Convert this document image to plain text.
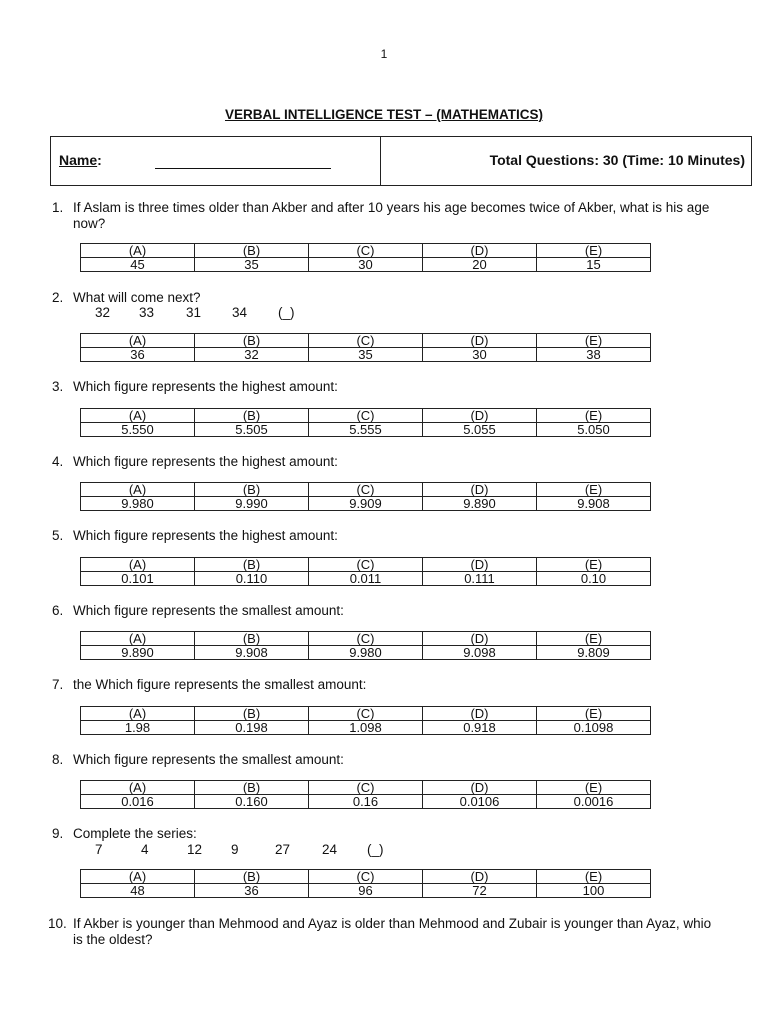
1
VERBAL INTELLIGENCE TEST – (MATHEMATICS)
Name:	Total Questions: 30 (Time: 10 Minutes)
1. If Aslam is three times older than Akber and after 10 years his age becomes twice of Akber, what is his age now?
(A)	(B)	(C)	(D)	(E)
45	35	30	20	15
2. What will come next?
32 33 31 34 (_)
(A)	(B)	(C)	(D)	(E)
36	32	35	30	38
3. Which figure represents the highest amount:
(A)	(B)	(C)	(D)	(E)
5.550	5.505	5.555	5.055	5.050
4. Which figure represents the highest amount:
(A)	(B)	(C)	(D)	(E)
9.980	9.990	9.909	9.890	9.908
5. Which figure represents the highest amount:
(A)	(B)	(C)	(D)	(E)
0.101	0.110	0.011	0.111	0.10
6. Which figure represents the smallest amount:
(A)	(B)	(C)	(D)	(E)
9.890	9.908	9.980	9.098	9.809
7. the Which figure represents the smallest amount:
(A)	(B)	(C)	(D)	(E)
1.98	0.198	1.098	0.918	0.1098
8. Which figure represents the smallest amount:
(A)	(B)	(C)	(D)	(E)
0.016	0.160	0.16	0.0106	0.0016
9. Complete the series:
7	4	12 9	27 24 (_)
(A)	(B)	(C)	(D)	(E)
48	36	96	72	100
10. If Akber is younger than Mehmood and Ayaz is older than Mehmood and Zubair is younger than Ayaz, whio is the oldest?
